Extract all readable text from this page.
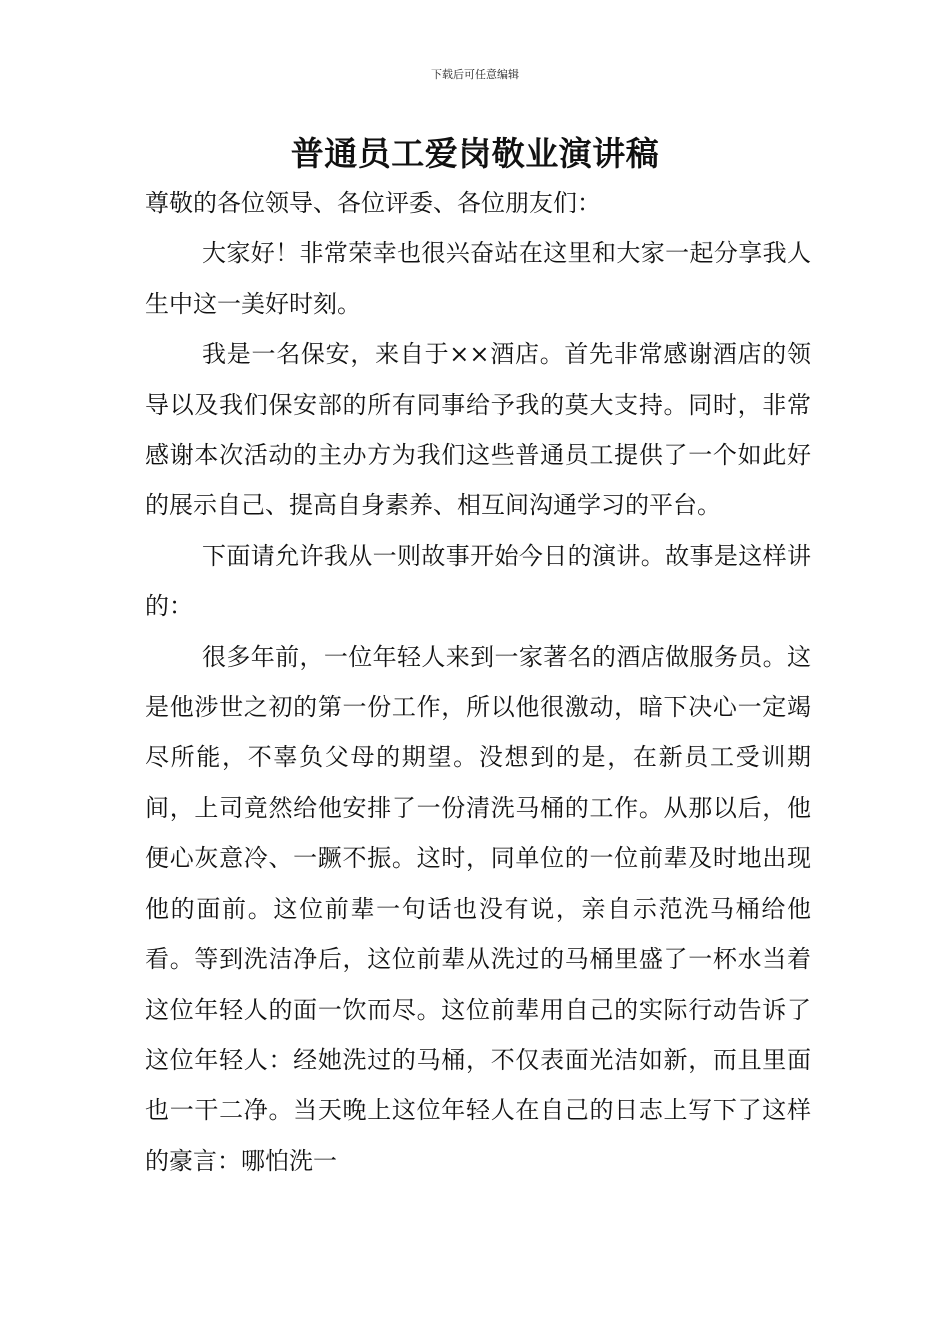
下载后可任意编辑
普通员工爱岗敬业演讲稿

尊敬的各位领导、各位评委、各位朋友们：

大家好！非常荣幸也很兴奋站在这里和大家一起分享我人生中这一美好时刻。

我是一名保安，来自于××酒店。首先非常感谢酒店的领导以及我们保安部的所有同事给予我的莫大支持。同时，非常感谢本次活动的主办方为我们这些普通员工提供了一个如此好的展示自己、提高自身素养、相互间沟通学习的平台。

下面请允许我从一则故事开始今日的演讲。故事是这样讲的：

很多年前，一位年轻人来到一家著名的酒店做服务员。这是他涉世之初的第一份工作，所以他很激动，暗下决心一定竭尽所能，不辜负父母的期望。没想到的是，在新员工受训期间，上司竟然给他安排了一份清洗马桶的工作。从那以后，他便心灰意冷、一蹶不振。这时，同单位的一位前辈及时地出现他的面前。这位前辈一句话也没有说，亲自示范洗马桶给他看。等到洗洁净后，这位前辈从洗过的马桶里盛了一杯水当着这位年轻人的面一饮而尽。这位前辈用自己的实际行动告诉了这位年轻人：经她洗过的马桶，不仅表面光洁如新，而且里面也一干二净。当天晚上这位年轻人在自己的日志上写下了这样的豪言：哪怕洗一
